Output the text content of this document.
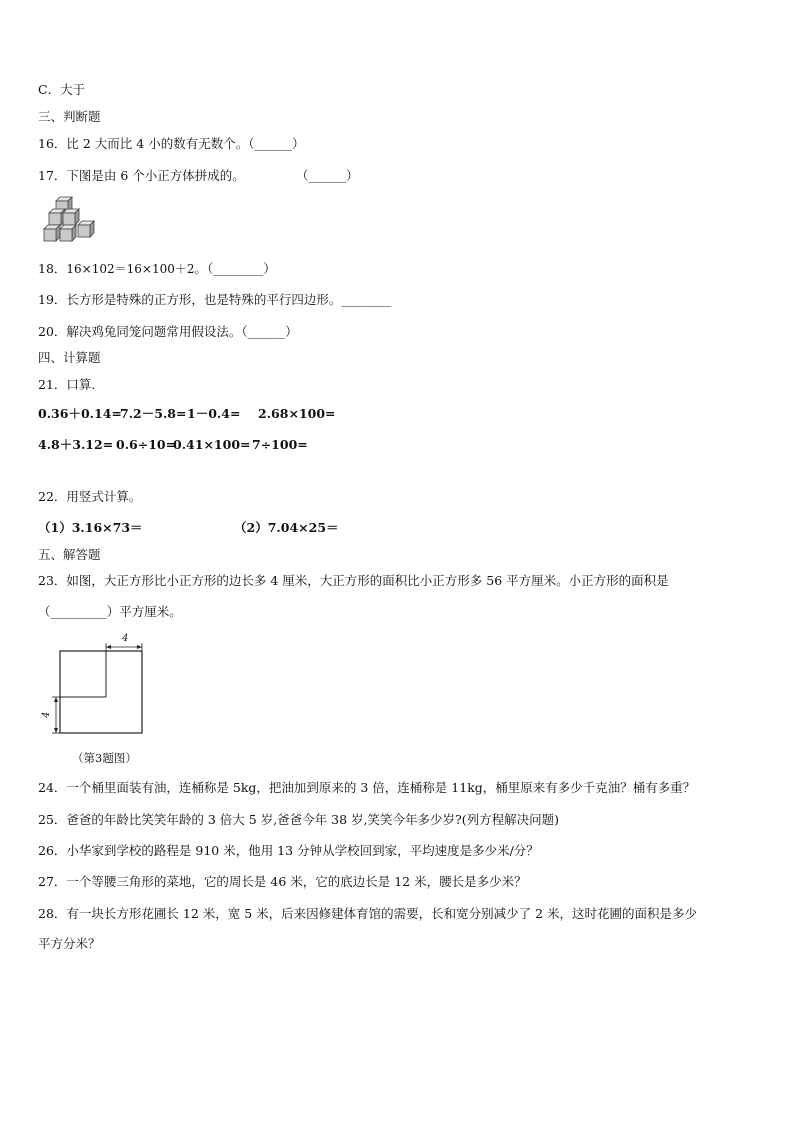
C．大于
三、判断题
16．比 2 大而比 4 小的数有无数个。（______）
17．下图是由 6 个小正方体拼成的。	（______）
18．16×102＝16×100＋2。（________）
19．长方形是特殊的正方形，也是特殊的平行四边形。________
20．解决鸡兔同笼问题常用假设法。（______）
四、计算题
21．口算.
0.36＋0.14=
7.2－5.8= 1－0.4= 2.68×100=
4.8＋3.12= 0.6÷10=
0.41×100= 7÷100=
22．用竖式计算。
（1）3.16×73＝	（2）7.04×25＝
五、解答题
23．如图，大正方形比小正方形的边长多 4 厘米，大正方形的面积比小正方形多 56 平方厘米。小正方形的面积是
（_________）平方厘米。
4
4
（第3题图）
24．一个桶里面装有油，连桶称是 5kg，把油加到原来的 3 倍，连桶称是 11kg，桶里原来有多少千克油？桶有多重？
25．爸爸的年龄比笑笑年龄的 3 倍大 5 岁,爸爸今年 38 岁,笑笑今年多少岁?(列方程解决问题)
26．小华家到学校的路程是 910 米，他用 13 分钟从学校回到家，平均速度是多少米/分？
27．一个等腰三角形的菜地，它的周长是 46 米，它的底边长是 12 米，腰长是多少米？
28．有一块长方形花圃长 12 米，宽 5 米，后来因修建体育馆的需要，长和宽分别减少了 2 米，这时花圃的面积是多少
平方分米？
